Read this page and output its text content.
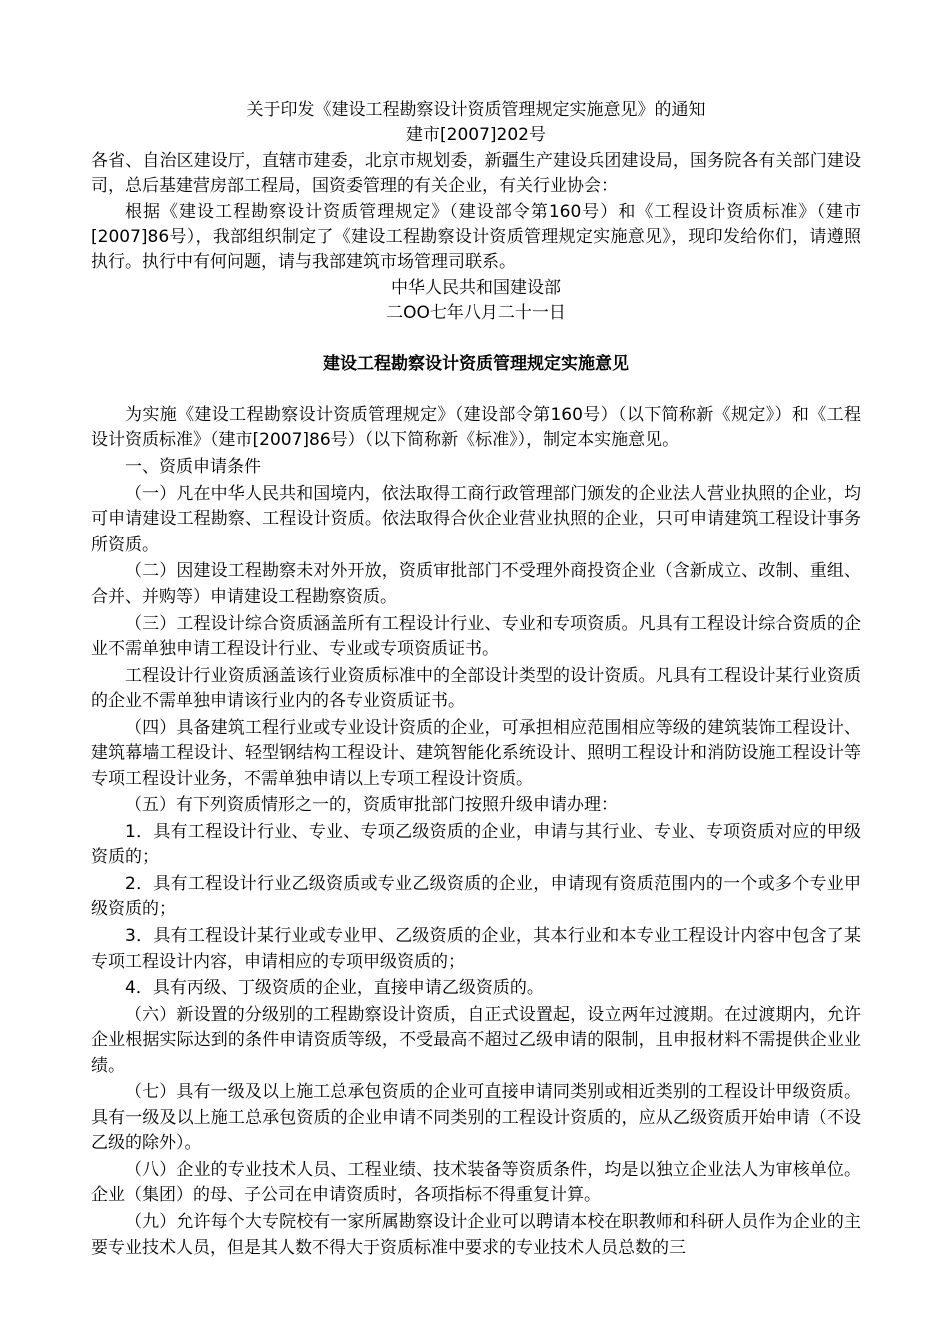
关于印发《建设工程勘察设计资质管理规定实施意见》的通知

建市[2007]202号

各省、自治区建设厅，直辖市建委，北京市规划委，新疆生产建设兵团建设局，国务院各有关部门建设司，总后基建营房部工程局，国资委管理的有关企业，有关行业协会：

根据《建设工程勘察设计资质管理规定》（建设部令第160号）和《工程设计资质标准》（建市[2007]86号），我部组织制定了《建设工程勘察设计资质管理规定实施意见》，现印发给你们，请遵照执行。执行中有何问题，请与我部建筑市场管理司联系。

中华人民共和国建设部

二OO七年八月二十一日

建设工程勘察设计资质管理规定实施意见

为实施《建设工程勘察设计资质管理规定》（建设部令第160号）（以下简称新《规定》）和《工程设计资质标准》（建市[2007]86号）（以下简称新《标准》），制定本实施意见。

一、资质申请条件

（一）凡在中华人民共和国境内，依法取得工商行政管理部门颁发的企业法人营业执照的企业，均可申请建设工程勘察、工程设计资质。依法取得合伙企业营业执照的企业，只可申请建筑工程设计事务所资质。

（二）因建设工程勘察未对外开放，资质审批部门不受理外商投资企业（含新成立、改制、重组、合并、并购等）申请建设工程勘察资质。

（三）工程设计综合资质涵盖所有工程设计行业、专业和专项资质。凡具有工程设计综合资质的企业不需单独申请工程设计行业、专业或专项资质证书。

工程设计行业资质涵盖该行业资质标准中的全部设计类型的设计资质。凡具有工程设计某行业资质的企业不需单独申请该行业内的各专业资质证书。

（四）具备建筑工程行业或专业设计资质的企业，可承担相应范围相应等级的建筑装饰工程设计、建筑幕墙工程设计、轻型钢结构工程设计、建筑智能化系统设计、照明工程设计和消防设施工程设计等专项工程设计业务，不需单独申请以上专项工程设计资质。

（五）有下列资质情形之一的，资质审批部门按照升级申请办理：

1．具有工程设计行业、专业、专项乙级资质的企业，申请与其行业、专业、专项资质对应的甲级资质的；

2．具有工程设计行业乙级资质或专业乙级资质的企业，申请现有资质范围内的一个或多个专业甲级资质的；

3．具有工程设计某行业或专业甲、乙级资质的企业，其本行业和本专业工程设计内容中包含了某专项工程设计内容，申请相应的专项甲级资质的；

4．具有丙级、丁级资质的企业，直接申请乙级资质的。

（六）新设置的分级别的工程勘察设计资质，自正式设置起，设立两年过渡期。在过渡期内，允许企业根据实际达到的条件申请资质等级，不受最高不超过乙级申请的限制，且申报材料不需提供企业业绩。

（七）具有一级及以上施工总承包资质的企业可直接申请同类别或相近类别的工程设计甲级资质。具有一级及以上施工总承包资质的企业申请不同类别的工程设计资质的，应从乙级资质开始申请（不设乙级的除外）。

（八）企业的专业技术人员、工程业绩、技术装备等资质条件，均是以独立企业法人为审核单位。企业（集团）的母、子公司在申请资质时，各项指标不得重复计算。

（九）允许每个大专院校有一家所属勘察设计企业可以聘请本校在职教师和科研人员作为企业的主要专业技术人员，但是其人数不得大于资质标准中要求的专业技术人员总数的三
